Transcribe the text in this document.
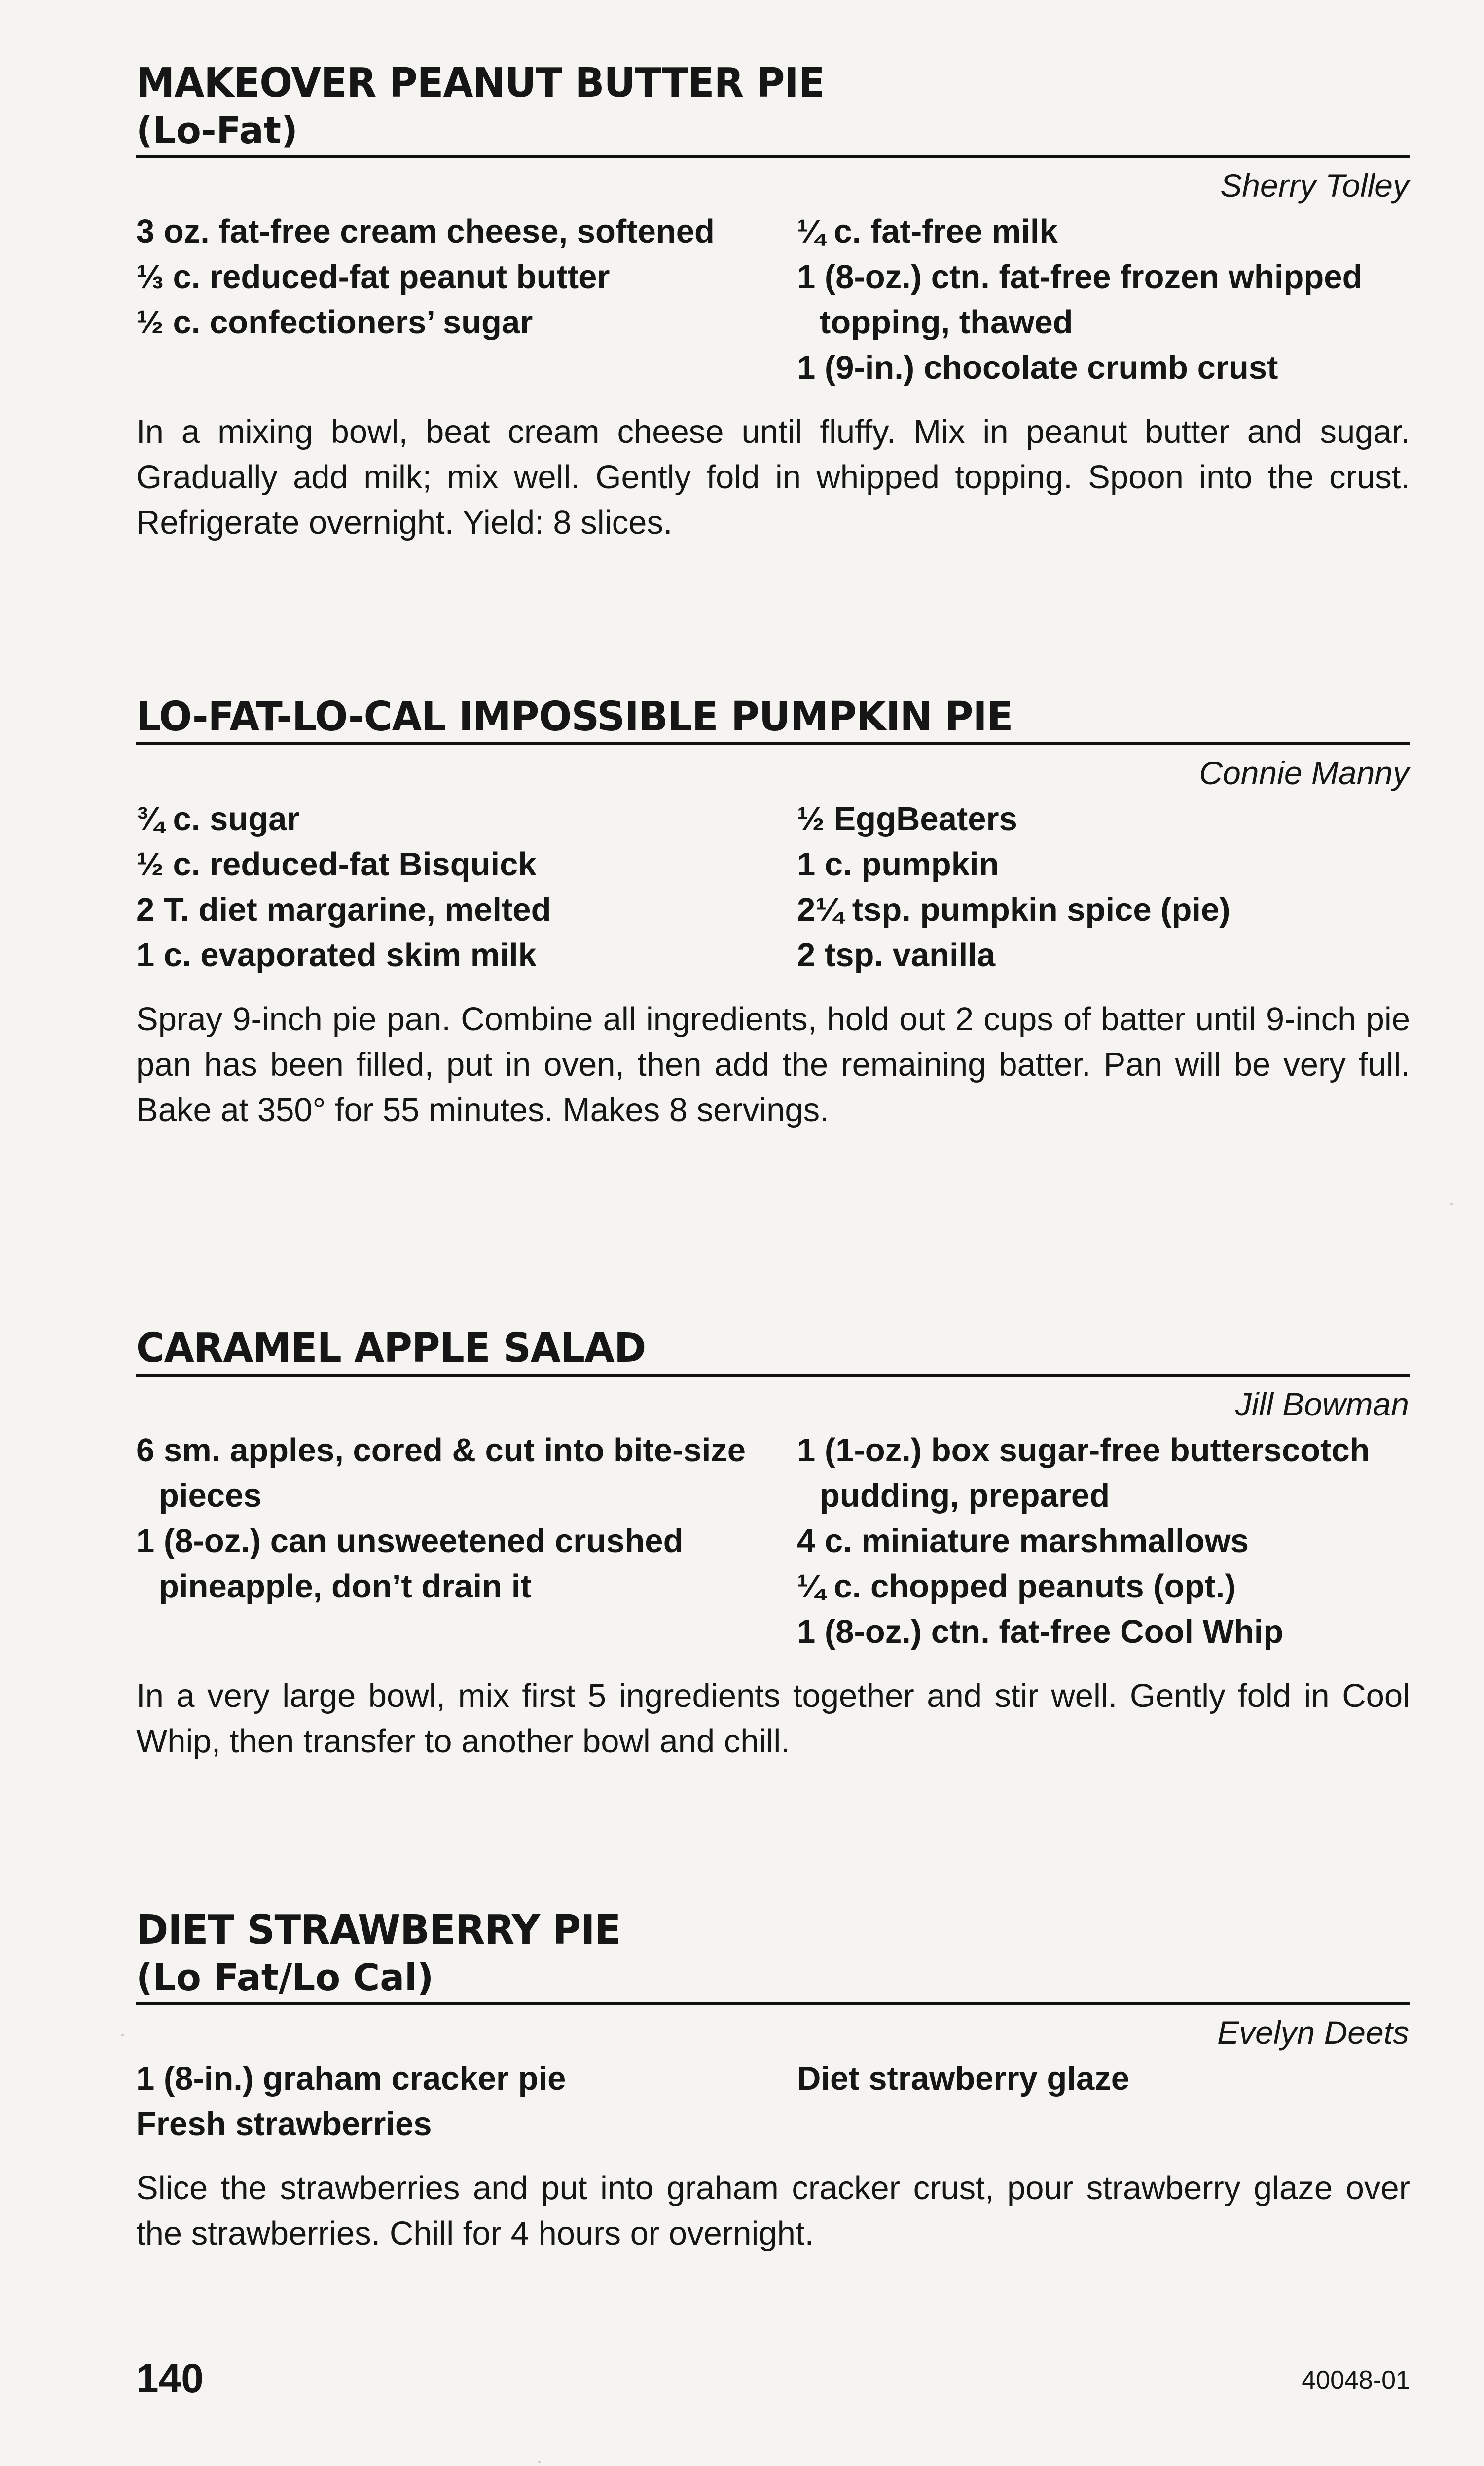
MAKEOVER PEANUT BUTTER PIE
(Lo-Fat)
Sherry Tolley
3 oz. fat-free cream cheese, softened
⅓ c. reduced-fat peanut butter
½ c. confectioners’ sugar
¼ c. fat-free milk
1 (8-oz.) ctn. fat-free frozen whipped topping, thawed
1 (9-in.) chocolate crumb crust
In a mixing bowl, beat cream cheese until fluffy. Mix in peanut butter and sugar. Gradually add milk; mix well. Gently fold in whipped topping. Spoon into the crust. Refrigerate overnight. Yield: 8 slices.
LO-FAT-LO-CAL IMPOSSIBLE PUMPKIN PIE
Connie Manny
¾ c. sugar
½ c. reduced-fat Bisquick
2 T. diet margarine, melted
1 c. evaporated skim milk
½ EggBeaters
1 c. pumpkin
2¼ tsp. pumpkin spice (pie)
2 tsp. vanilla
Spray 9-inch pie pan. Combine all ingredients, hold out 2 cups of batter until 9-inch pie pan has been filled, put in oven, then add the remaining batter. Pan will be very full. Bake at 350° for 55 minutes. Makes 8 servings.
CARAMEL APPLE SALAD
Jill Bowman
6 sm. apples, cored & cut into bite-size pieces
1 (8-oz.) can unsweetened crushed pineapple, don’t drain it
1 (1-oz.) box sugar-free butterscotch pudding, prepared
4 c. miniature marshmallows
¼ c. chopped peanuts (opt.)
1 (8-oz.) ctn. fat-free Cool Whip
In a very large bowl, mix first 5 ingredients together and stir well. Gently fold in Cool Whip, then transfer to another bowl and chill.
DIET STRAWBERRY PIE
(Lo Fat/Lo Cal)
Evelyn Deets
1 (8-in.) graham cracker pie
Fresh strawberries
Diet strawberry glaze
Slice the strawberries and put into graham cracker crust, pour strawberry glaze over the strawberries. Chill for 4 hours or overnight.
140	40048-01
